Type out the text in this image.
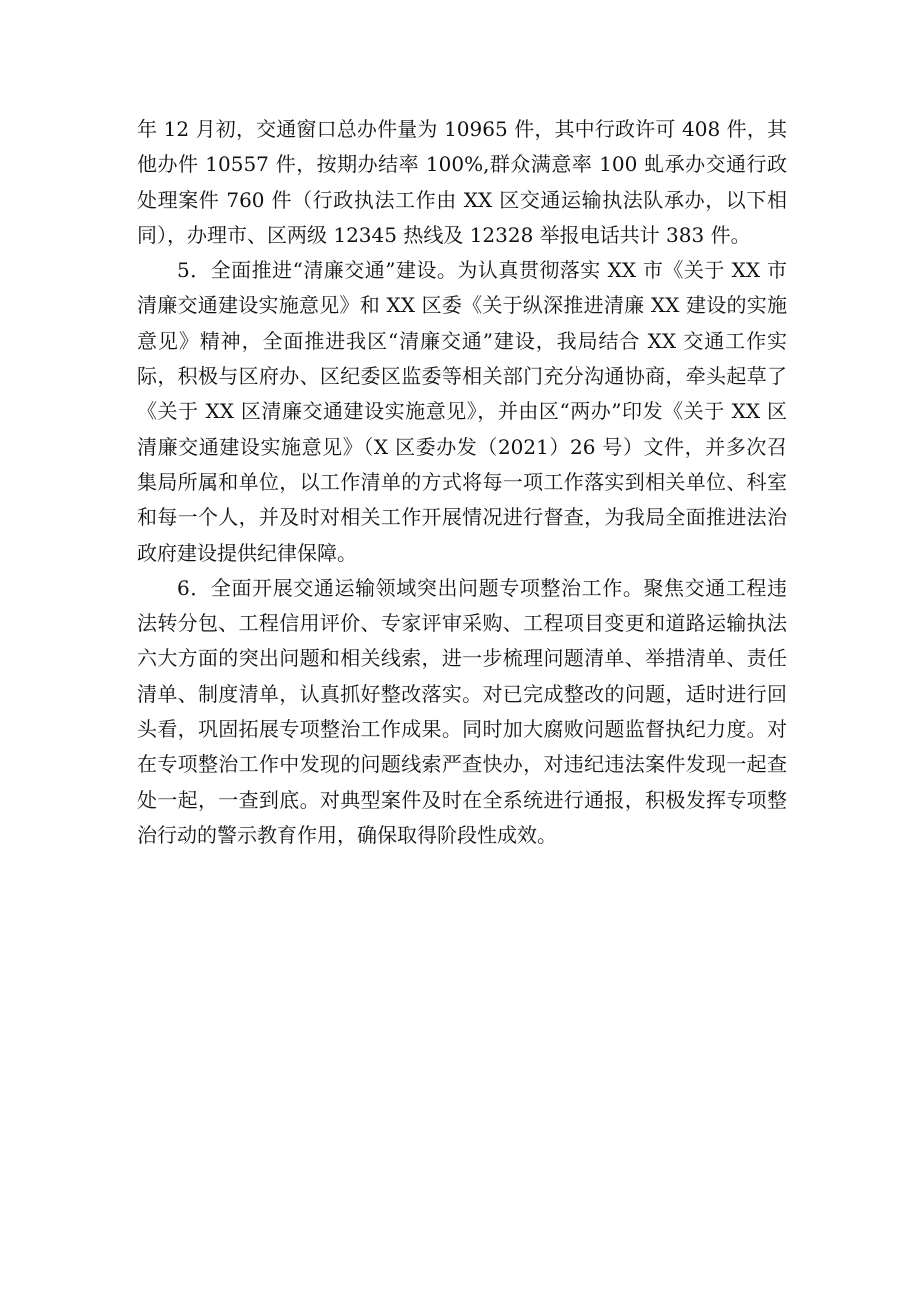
年 12 月初，交通窗口总办件量为 10965 件，其中行政许可 408 件，其他办件 10557 件，按期办结率 100%,群众满意率 100 虬承办交通行政处理案件 760 件（行政执法工作由 XX 区交通运输执法队承办，以下相同），办理市、区两级 12345 热线及 12328 举报电话共计 383 件。

5．全面推进“清廉交通”建设。为认真贯彻落实 XX 市《关于 XX 市清廉交通建设实施意见》和 XX 区委《关于纵深推进清廉 XX 建设的实施意见》精神，全面推进我区“清廉交通”建设，我局结合 XX 交通工作实际，积极与区府办、区纪委区监委等相关部门充分沟通协商，牵头起草了《关于 XX 区清廉交通建设实施意见》，并由区“两办”印发《关于 XX 区清廉交通建设实施意见》（X 区委办发（2021）26 号）文件，并多次召集局所属和单位，以工作清单的方式将每一项工作落实到相关单位、科室和每一个人，并及时对相关工作开展情况进行督查，为我局全面推进法治政府建设提供纪律保障。

6．全面开展交通运输领域突出问题专项整治工作。聚焦交通工程违法转分包、工程信用评价、专家评审采购、工程项目变更和道路运输执法六大方面的突出问题和相关线索，进一步梳理问题清单、举措清单、责任清单、制度清单，认真抓好整改落实。对已完成整改的问题，适时进行回头看，巩固拓展专项整治工作成果。同时加大腐败问题监督执纪力度。对在专项整治工作中发现的问题线索严查快办，对违纪违法案件发现一起查处一起，一查到底。对典型案件及时在全系统进行通报，积极发挥专项整治行动的警示教育作用，确保取得阶段性成效。
